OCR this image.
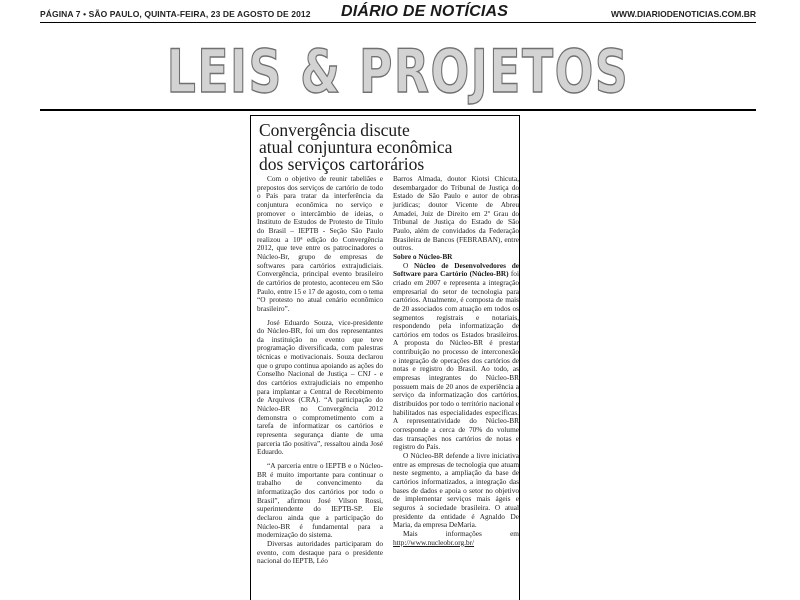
PÁGINA 7 • SÃO PAULO, QUINTA-FEIRA, 23 DE AGOSTO DE 2012 DIÁRIO DE NOTÍCIAS	WWW.DIARIODENOTICIAS.COM.BR
LEIS & PROJETOS
Convergência discute
atual conjuntura econômica
dos serviços cartorários

Com o objetivo de reunir tabeliães e prepostos dos serviços de cartório de todo o País para tratar da interferência da conjuntura econômica no serviço e promover o intercâmbio de ideias, o Instituto de Estudos de Protesto de Título do Brasil – IEPTB - Seção São Paulo realizou a 10ª edição do Convergência 2012, que teve entre os patrocinadores o Núcleo-Br, grupo de empresas de softwares para cartórios extrajudiciais. Convergência, principal evento brasileiro de cartórios de protesto, aconteceu em São Paulo, entre 15 e 17 de agosto, com o tema “O protesto no atual cenário econômico brasileiro”.

José Eduardo Souza, vice-presidente do Núcleo-BR, foi um dos representantes da instituição no evento que teve programação diversificada, com palestras técnicas e motivacionais. Souza declarou que o grupo continua apoiando as ações do Conselho Nacional de Justiça – CNJ - e dos cartórios extrajudiciais no empenho para implantar a Central de Recebimento de Arquivos (CRA). “A participação do Núcleo-BR no Convergência 2012 demonstra o comprometimento com a tarefa de informatizar os cartórios e representa segurança diante de uma parceria tão positiva”, ressaltou ainda José Eduardo.

“A parceria entre o IEPTB e o Núcleo-BR é muito importante para continuar o trabalho de convencimento da informatização dos cartórios por todo o Brasil”, afirmou José Vilson Rossi, superintendente do IEPTB-SP. Ele declarou ainda que a participação do Núcleo-BR é fundamental para a modernização do sistema.

Diversas autoridades participaram do evento, com destaque para o presidente nacional do IEPTB, Léo

Barros Almada, doutor Kiotsi Chicuta, desembargador do Tribunal de Justiça do Estado de São Paulo e autor de obras jurídicas; doutor Vicente de Abreu Amadei, Juiz de Direito em 2º Grau do Tribunal de Justiça do Estado de São Paulo, além de convidados da Federação Brasileira de Bancos (FEBRABAN), entre outros.

Sobre o Núcleo-BR

O Núcleo de Desenvolvedores de Software para Cartório (Núcleo-BR) foi criado em 2007 e representa a integração empresarial do setor de tecnologia para cartórios. Atualmente, é composta de mais de 20 associados com atuação em todos os segmentos registrais e notariais, respondendo pela informatização de cartórios em todos os Estados brasileiros. A proposta do Núcleo-BR é prestar contribuição no processo de interconexão e integração de operações dos cartórios de notas e registro do Brasil. Ao todo, as empresas integrantes do Núcleo-BR possuem mais de 20 anos de experiência a serviço da informatização dos cartórios, distribuídos por todo o território nacional e habilitados nas especialidades específicas. A representatividade do Núcleo-BR corresponde a cerca de 70% do volume das transações nos cartórios de notas e registro do País.

O Núcleo-BR defende a livre iniciativa entre as empresas de tecnologia que atuam neste segmento, a ampliação da base de cartórios informatizados, a integração das bases de dados e apoia o setor no objetivo de implementar serviços mais ágeis e seguros à sociedade brasileira. O atual presidente da entidade é Agnaldo De Maria, da empresa DeMaria.

Mais informações em http://www.nucleobr.org.br/
